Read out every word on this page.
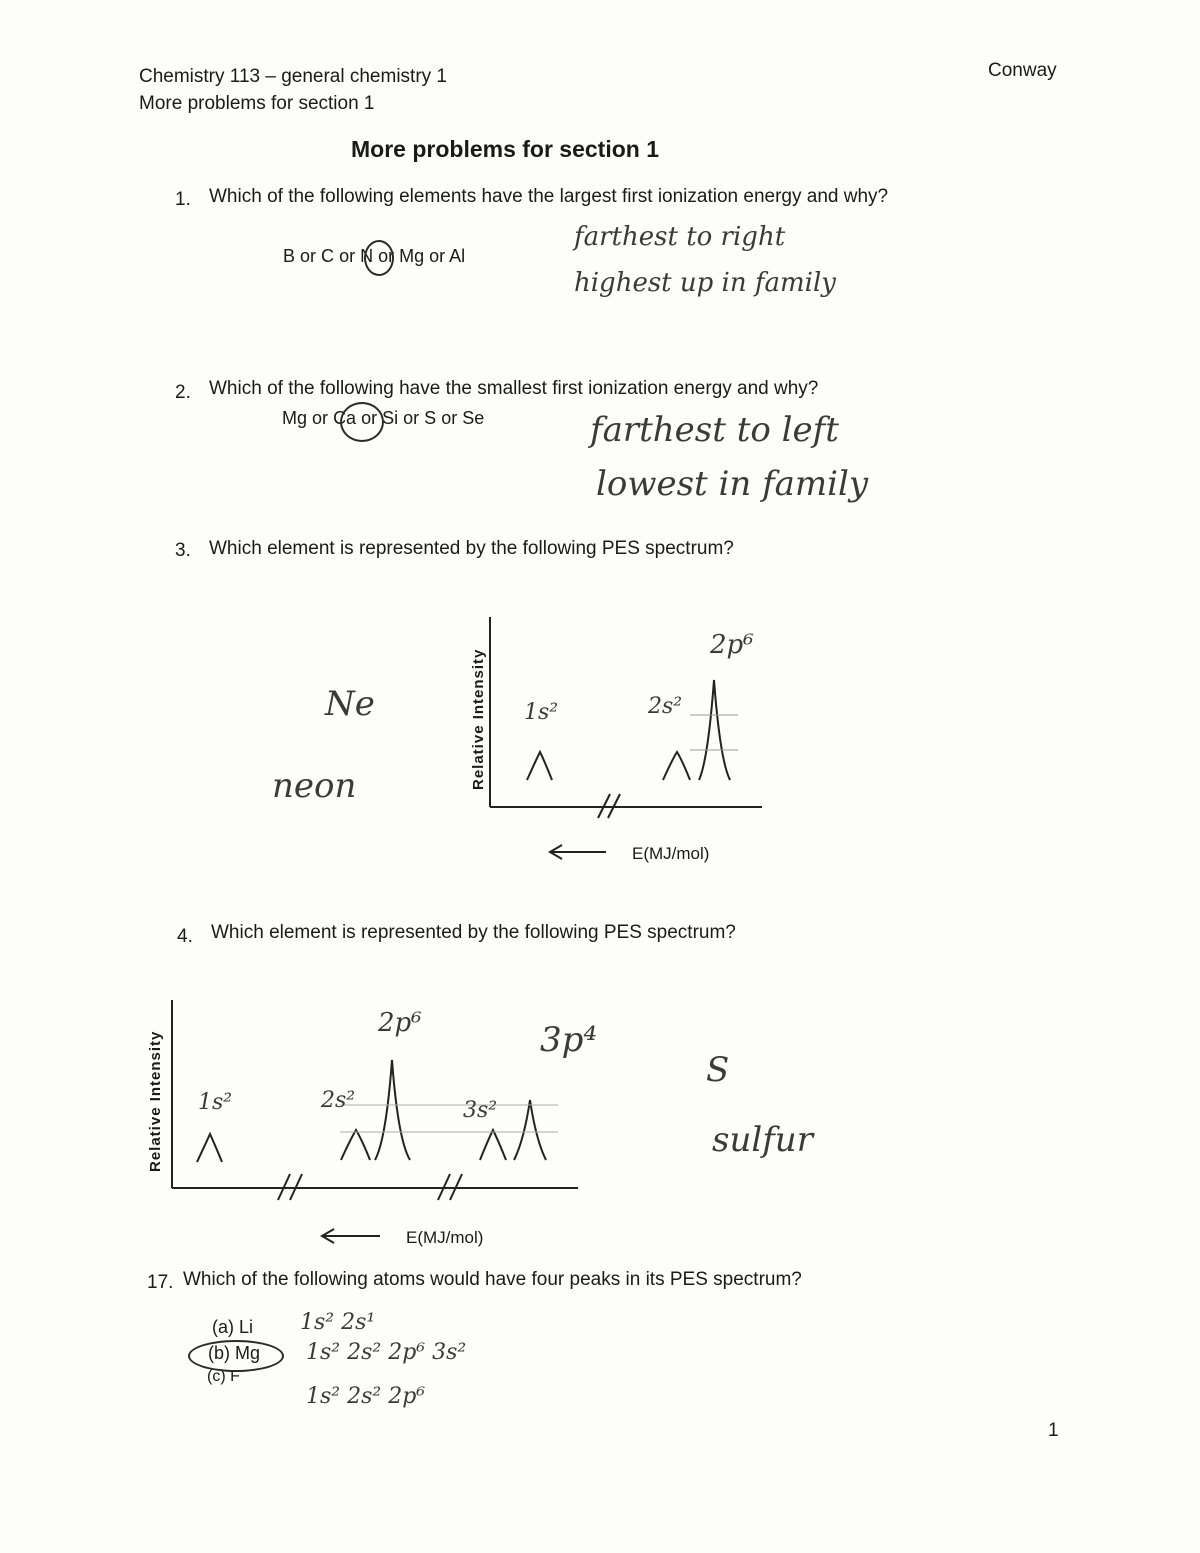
Chemistry 113 – general chemistry 1
More problems for section 1
Conway
More problems for section 1
1. Which of the following elements have the largest first ionization energy and why?
B or C or N or Mg or Al
farthest to right
highest up in family
2. Which of the following have the smallest first ionization energy and why?
Mg or Ca or Si or S or Se	farthest to left
lowest in family
3. Which element is represented by the following PES spectrum?
Relative Intensity 1s²	2s²
2p⁶
E(MJ/mol)
Ne
neon
4. Which element is represented by the following PES spectrum?
Relative Intensity 1s²	2s²
2p⁶
3s²
3p⁴
E(MJ/mol)
S
sulfur
17. Which of the following atoms would have four peaks in its PES spectrum?
(a) Li
(b) Mg
(c) F
1s² 2s¹
1s² 2s² 2p⁶ 3s²
1s² 2s² 2p⁶
1
